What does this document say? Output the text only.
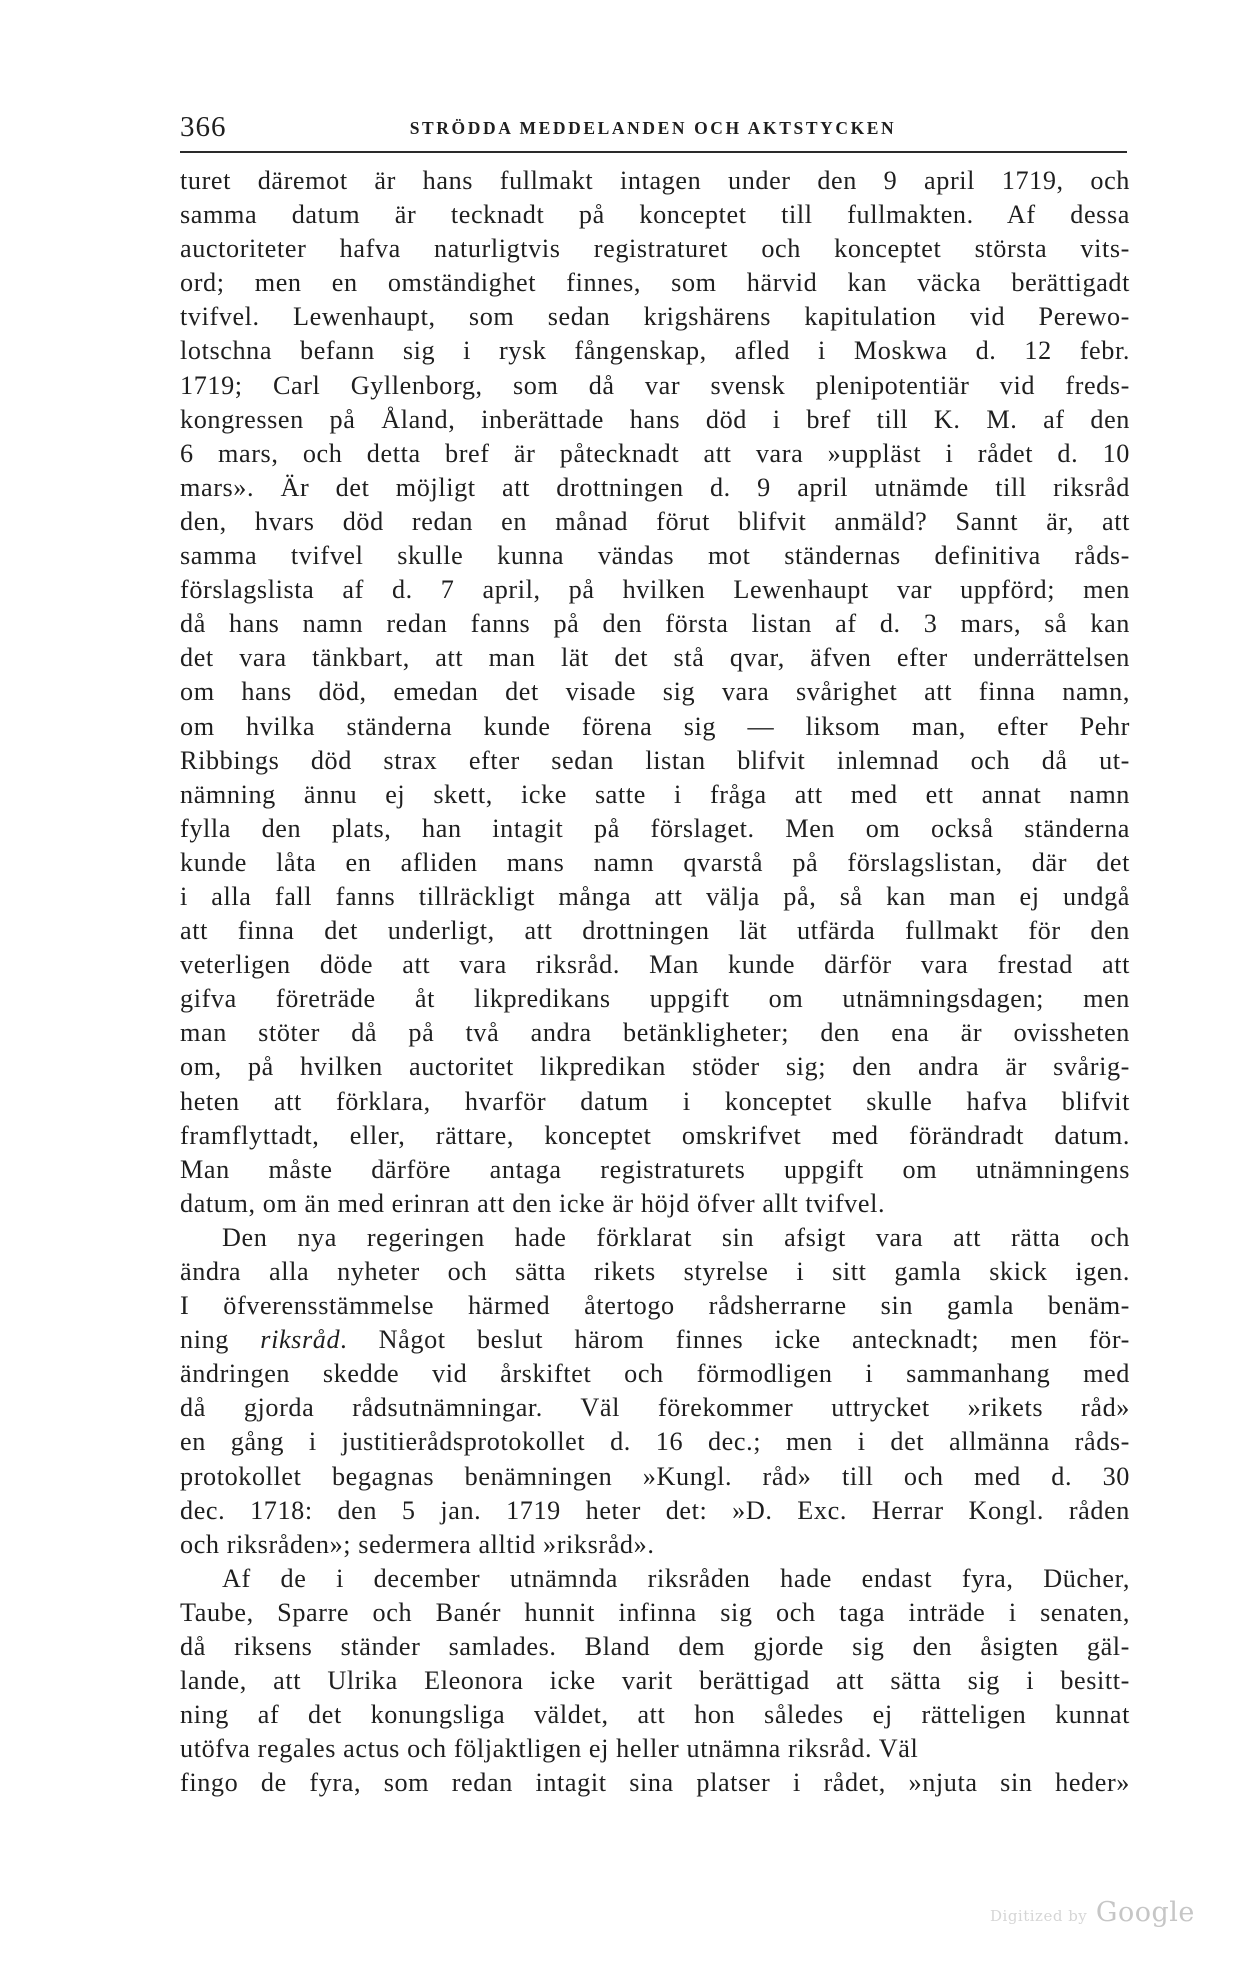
366	STRÖDDA MEDDELANDEN OCH AKTSTYCKEN
turet däremot är hans fullmakt intagen under den 9 april 1719, och
samma datum är tecknadt på konceptet till fullmakten. Af dessa
auctoriteter hafva naturligtvis registraturet och konceptet största vits-
ord; men en omständighet finnes, som härvid kan väcka berättigadt
tvifvel. Lewenhaupt, som sedan krigshärens kapitulation vid Perewo-
lotschna befann sig i rysk fångenskap, afled i Moskwa d. 12 febr.
1719; Carl Gyllenborg, som då var svensk plenipotentiär vid freds-
kongressen på Åland, inberättade hans död i bref till K. M. af den
6 mars, och detta bref är påtecknadt att vara »uppläst i rådet d. 10
mars». Är det möjligt att drottningen d. 9 april utnämde till riksråd
den, hvars död redan en månad förut blifvit anmäld? Sannt är, att
samma tvifvel skulle kunna vändas mot ständernas definitiva råds-
förslagslista af d. 7 april, på hvilken Lewenhaupt var uppförd; men
då hans namn redan fanns på den första listan af d. 3 mars, så kan
det vara tänkbart, att man lät det stå qvar, äfven efter underrättelsen
om hans död, emedan det visade sig vara svårighet att finna namn,
om hvilka ständerna kunde förena sig — liksom man, efter Pehr
Ribbings död strax efter sedan listan blifvit inlemnad och då ut-
nämning ännu ej skett, icke satte i fråga att med ett annat namn
fylla den plats, han intagit på förslaget. Men om också ständerna
kunde låta en afliden mans namn qvarstå på förslagslistan, där det
i alla fall fanns tillräckligt många att välja på, så kan man ej undgå
att finna det underligt, att drottningen lät utfärda fullmakt för den
veterligen döde att vara riksråd. Man kunde därför vara frestad att
gifva företräde åt likpredikans uppgift om utnämningsdagen; men
man stöter då på två andra betänkligheter; den ena är ovissheten
om, på hvilken auctoritet likpredikan stöder sig; den andra är svårig-
heten att förklara, hvarför datum i konceptet skulle hafva blifvit
framflyttadt, eller, rättare, konceptet omskrifvet med förändradt datum.
Man måste därföre antaga registraturets uppgift om utnämningens
datum, om än med erinran att den icke är höjd öfver allt tvifvel.
Den nya regeringen hade förklarat sin afsigt vara att rätta och
ändra alla nyheter och sätta rikets styrelse i sitt gamla skick igen.
I öfverensstämmelse härmed återtogo rådsherrarne sin gamla benäm-
ning riksråd. Något beslut härom finnes icke antecknadt; men för-
ändringen skedde vid årskiftet och förmodligen i sammanhang med
då gjorda rådsutnämningar. Väl förekommer uttrycket »rikets råd»
en gång i justitierådsprotokollet d. 16 dec.; men i det allmänna råds-
protokollet begagnas benämningen »Kungl. råd» till och med d. 30
dec. 1718: den 5 jan. 1719 heter det: »D. Exc. Herrar Kongl. råden
och riksråden»; sedermera alltid »riksråd».
Af de i december utnämnda riksråden hade endast fyra, Dücher,
Taube, Sparre och Banér hunnit infinna sig och taga inträde i senaten,
då riksens ständer samlades. Bland dem gjorde sig den åsigten gäl-
lande, att Ulrika Eleonora icke varit berättigad att sätta sig i besitt-
ning af det konungsliga väldet, att hon således ej rätteligen kunnat
utöfva regales actus och följaktligen ej heller utnämna riksråd. Väl
fingo de fyra, som redan intagit sina platser i rådet, »njuta sin heder»
Digitized by Google
